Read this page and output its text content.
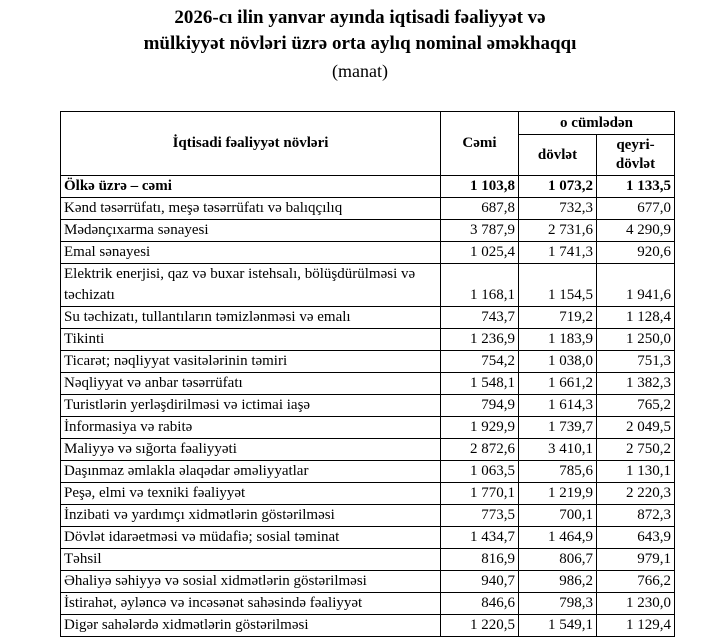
2026-cı ilin yanvar ayında iqtisadi fəaliyyət və
mülkiyyət növləri üzrə orta aylıq nominal əməkhaqqı
(manat)
İqtisadi fəaliyyət növləri	Cəmi	o cümlədən	
		dövlət	qeyri-
dövlət
Ölkə üzrə – cəmi	1 103,8	1 073,2	1 133,5
Kənd təsərrüfatı, meşə təsərrüfatı və balıqçılıq	687,8	732,3	677,0
Mədənçıxarma sənayesi	3 787,9	2 731,6	4 290,9
Emal sənayesi	1 025,4	1 741,3	920,6
Elektrik enerjisi, qaz və buxar istehsalı, bölüşdürülməsi və təchizatı	1 168,1	1 154,5	1 941,6
Su təchizatı, tullantıların təmizlənməsi və emalı	743,7	719,2	1 128,4
Tikinti	1 236,9	1 183,9	1 250,0
Ticarət; nəqliyyat vasitələrinin təmiri	754,2	1 038,0	751,3
Nəqliyyat və anbar təsərrüfatı	1 548,1	1 661,2	1 382,3
Turistlərin yerləşdirilməsi və ictimai iaşə	794,9	1 614,3	765,2
İnformasiya və rabitə	1 929,9	1 739,7	2 049,5
Maliyyə və sığorta fəaliyyəti	2 872,6	3 410,1	2 750,2
Daşınmaz əmlakla əlaqədar əməliyyatlar	1 063,5	785,6	1 130,1
Peşə, elmi və texniki fəaliyyət	1 770,1	1 219,9	2 220,3
İnzibati və yardımçı xidmətlərin göstərilməsi	773,5	700,1	872,3
Dövlət idarəetməsi və müdafiə; sosial təminat	1 434,7	1 464,9	643,9
Təhsil	816,9	806,7	979,1
Əhaliyə səhiyyə və sosial xidmətlərin göstərilməsi	940,7	986,2	766,2
İstirahət, əyləncə və incəsənət sahəsində fəaliyyət	846,6	798,3	1 230,0
Digər sahələrdə xidmətlərin göstərilməsi	1 220,5	1 549,1	1 129,4
